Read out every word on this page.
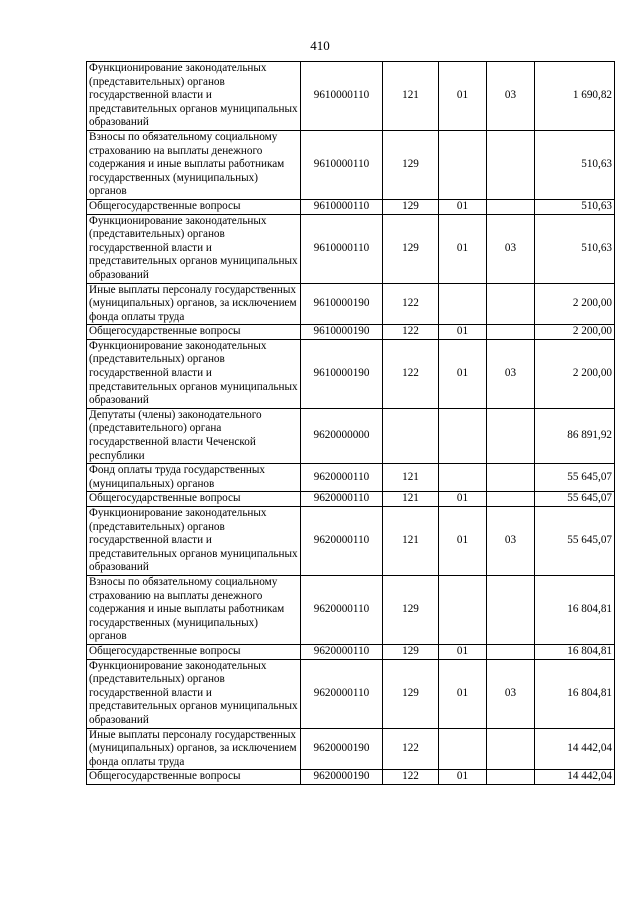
410
Функционирование законодательных (представительных) органов государственной власти и представительных органов муниципальных образований	9610000110	121	01	03	1 690,82
Взносы по обязательному социальному страхованию на выплаты денежного содержания и иные выплаты работникам государственных (муниципальных) органов	9610000110	129			510,63
Общегосударственные вопросы	9610000110	129	01		510,63
Функционирование законодательных (представительных) органов государственной власти и представительных органов муниципальных образований	9610000110	129	01	03	510,63
Иные выплаты персоналу государственных (муниципальных) органов, за исключением фонда оплаты труда	9610000190	122			2 200,00
Общегосударственные вопросы	9610000190	122	01		2 200,00
Функционирование законодательных (представительных) органов государственной власти и представительных органов муниципальных образований	9610000190	122	01	03	2 200,00
Депутаты (члены) законодательного (представительного) органа государственной власти Чеченской республики	9620000000				86 891,92
Фонд оплаты труда государственных (муниципальных) органов	9620000110	121			55 645,07
Общегосударственные вопросы	9620000110	121	01		55 645,07
Функционирование законодательных (представительных) органов государственной власти и представительных органов муниципальных образований	9620000110	121	01	03	55 645,07
Взносы по обязательному социальному страхованию на выплаты денежного содержания и иные выплаты работникам государственных (муниципальных) органов	9620000110	129			16 804,81
Общегосударственные вопросы	9620000110	129	01		16 804,81
Функционирование законодательных (представительных) органов государственной власти и представительных органов муниципальных образований	9620000110	129	01	03	16 804,81
Иные выплаты персоналу государственных (муниципальных) органов, за исключением фонда оплаты труда	9620000190	122			14 442,04
Общегосударственные вопросы	9620000190	122	01		14 442,04
